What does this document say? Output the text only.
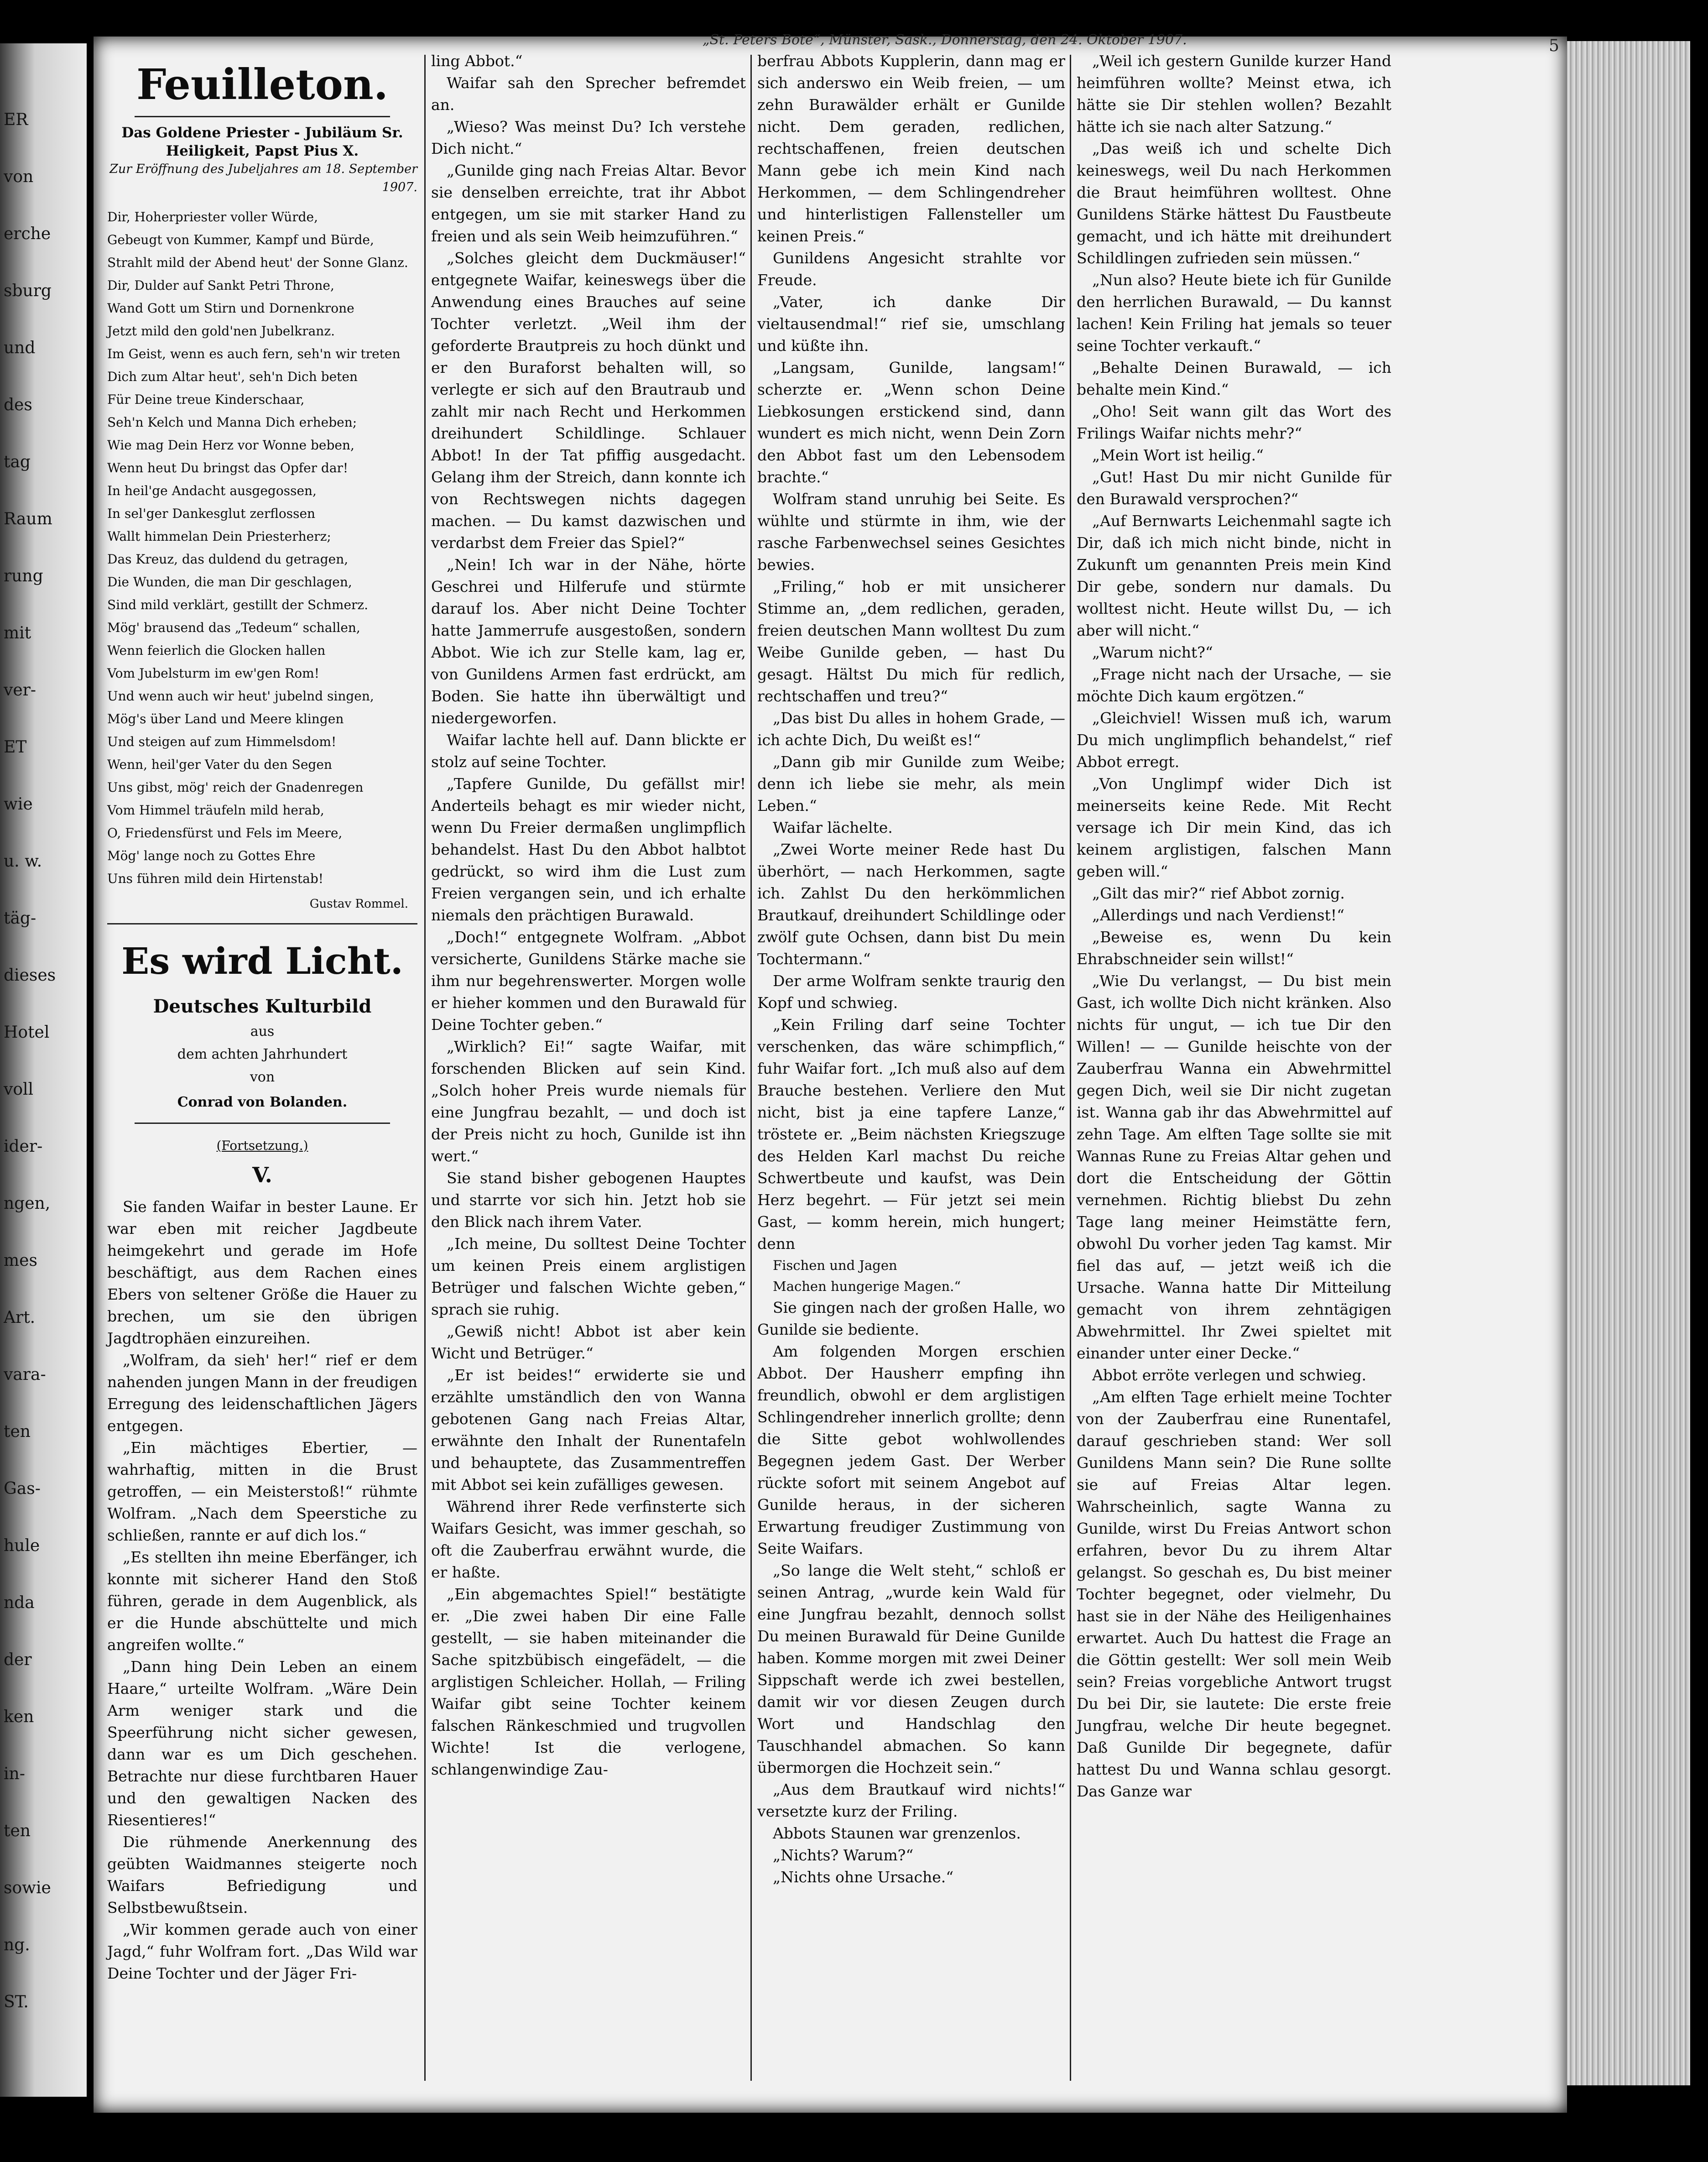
ER
von
erche
sburg
und
des
tag
Raum
rung
mit
ver-
ET
wie
u. w.
täg-
dieses
Hotel
voll
ider-
ngen,
mes
Art.
vara-
ten
Gas-
hule
nda
der
ken
in-
ten
sowie
ng.
ST.
„St. Peters Bote“, Münster, Sask., Donnerstag, den 24. Oktober 1907.	5
Feuilleton.
Das Goldene Priester - Jubiläum Sr. Heiligkeit, Papst Pius X.
Zur Eröffnung des Jubeljahres am 18. September 1907.

Dir, Hoherpriester voller Würde,

Gebeugt von Kummer, Kampf und Bürde,

Strahlt mild der Abend heut' der Sonne Glanz.

Dir, Dulder auf Sankt Petri Throne,

Wand Gott um Stirn und Dornenkrone

Jetzt mild den gold'nen Jubelkranz.

Im Geist, wenn es auch fern, seh'n wir treten

Dich zum Altar heut', seh'n Dich beten

Für Deine treue Kinderschaar,

Seh'n Kelch und Manna Dich erheben;

Wie mag Dein Herz vor Wonne beben,

Wenn heut Du bringst das Opfer dar!

In heil'ge Andacht ausgegossen,

In sel'ger Dankesglut zerflossen

Wallt himmelan Dein Priesterherz;

Das Kreuz, das duldend du getragen,

Die Wunden, die man Dir geschlagen,

Sind mild verklärt, gestillt der Schmerz.

Mög' brausend das „Tedeum“ schallen,

Wenn feierlich die Glocken hallen

Vom Jubelsturm im ew'gen Rom!

Und wenn auch wir heut' jubelnd singen,

Mög's über Land und Meere klingen

Und steigen auf zum Himmelsdom!

Wenn, heil'ger Vater du den Segen

Uns gibst, mög' reich der Gnadenregen

Vom Himmel träufeln mild herab,

O, Friedensfürst und Fels im Meere,

Mög' lange noch zu Gottes Ehre

Uns führen mild dein Hirtenstab!

Gustav Rommel.
Es wird Licht.
Deutsches Kulturbild
aus
dem achten Jahrhundert
von
Conrad von Bolanden.
(Fortsetzung.)
V.

Sie fanden Waifar in bester Laune. Er war eben mit reicher Jagdbeute heimgekehrt und gerade im Hofe beschäftigt, aus dem Rachen eines Ebers von seltener Größe die Hauer zu brechen, um sie den übrigen Jagdtrophäen einzureihen.

„Wolfram, da sieh' her!“ rief er dem nahenden jungen Mann in der freudigen Erregung des leidenschaftlichen Jägers entgegen.

„Ein mächtiges Ebertier, — wahrhaftig, mitten in die Brust getroffen, — ein Meisterstoß!“ rühmte Wolfram. „Nach dem Speerstiche zu schließen, rannte er auf dich los.“

„Es stellten ihn meine Eberfänger, ich konnte mit sicherer Hand den Stoß führen, gerade in dem Augenblick, als er die Hunde abschüttelte und mich angreifen wollte.“

„Dann hing Dein Leben an einem Haare,“ urteilte Wolfram. „Wäre Dein Arm weniger stark und die Speerführung nicht sicher gewesen, dann war es um Dich geschehen. Betrachte nur diese furchtbaren Hauer und den gewaltigen Nacken des Riesentieres!“

Die rühmende Anerkennung des geübten Waidmannes steigerte noch Waifars Befriedigung und Selbstbewußtsein.

„Wir kommen gerade auch von einer Jagd,“ fuhr Wolfram fort. „Das Wild war Deine Tochter und der Jäger Fri-

ling Abbot.“

Waifar sah den Sprecher befremdet an.

„Wieso? Was meinst Du? Ich verstehe Dich nicht.“

„Gunilde ging nach Freias Altar. Bevor sie denselben erreichte, trat ihr Abbot entgegen, um sie mit starker Hand zu freien und als sein Weib heimzuführen.“

„Solches gleicht dem Duckmäuser!“ entgegnete Waifar, keineswegs über die Anwendung eines Brauches auf seine Tochter verletzt. „Weil ihm der geforderte Brautpreis zu hoch dünkt und er den Buraforst behalten will, so verlegte er sich auf den Brautraub und zahlt mir nach Recht und Herkommen dreihundert Schildlinge. Schlauer Abbot! In der Tat pfiffig ausgedacht. Gelang ihm der Streich, dann konnte ich von Rechtswegen nichts dagegen machen. — Du kamst dazwischen und verdarbst dem Freier das Spiel?“

„Nein! Ich war in der Nähe, hörte Geschrei und Hilferufe und stürmte darauf los. Aber nicht Deine Tochter hatte Jammerrufe ausgestoßen, sondern Abbot. Wie ich zur Stelle kam, lag er, von Gunildens Armen fast erdrückt, am Boden. Sie hatte ihn überwältigt und niedergeworfen.

Waifar lachte hell auf. Dann blickte er stolz auf seine Tochter.

„Tapfere Gunilde, Du gefällst mir! Anderteils behagt es mir wieder nicht, wenn Du Freier dermaßen unglimpflich behandelst. Hast Du den Abbot halbtot gedrückt, so wird ihm die Lust zum Freien vergangen sein, und ich erhalte niemals den prächtigen Burawald.

„Doch!“ entgegnete Wolfram. „Abbot versicherte, Gunildens Stärke mache sie ihm nur begehrenswerter. Morgen wolle er hieher kommen und den Burawald für Deine Tochter geben.“

„Wirklich? Ei!“ sagte Waifar, mit forschenden Blicken auf sein Kind. „Solch hoher Preis wurde niemals für eine Jungfrau bezahlt, — und doch ist der Preis nicht zu hoch, Gunilde ist ihn wert.“

Sie stand bisher gebogenen Hauptes und starrte vor sich hin. Jetzt hob sie den Blick nach ihrem Vater.

„Ich meine, Du solltest Deine Tochter um keinen Preis einem arglistigen Betrüger und falschen Wichte geben,“ sprach sie ruhig.

„Gewiß nicht! Abbot ist aber kein Wicht und Betrüger.“

„Er ist beides!“ erwiderte sie und erzählte umständlich den von Wanna gebotenen Gang nach Freias Altar, erwähnte den Inhalt der Runentafeln und behauptete, das Zusammentreffen mit Abbot sei kein zufälliges gewesen.

Während ihrer Rede verfinsterte sich Waifars Gesicht, was immer geschah, so oft die Zauberfrau erwähnt wurde, die er haßte.

„Ein abgemachtes Spiel!“ bestätigte er. „Die zwei haben Dir eine Falle gestellt, — sie haben miteinander die Sache spitzbübisch eingefädelt, — die arglistigen Schleicher. Hollah, — Friling Waifar gibt seine Tochter keinem falschen Ränkeschmied und trugvollen Wichte! Ist die verlogene, schlangenwindige Zau-

berfrau Abbots Kupplerin, dann mag er sich anderswo ein Weib freien, — um zehn Burawälder erhält er Gunilde nicht. Dem geraden, redlichen, rechtschaffenen, freien deutschen Mann gebe ich mein Kind nach Herkommen, — dem Schlingendreher und hinterlistigen Fallensteller um keinen Preis.“

Gunildens Angesicht strahlte vor Freude.

„Vater, ich danke Dir vieltausendmal!“ rief sie, umschlang und küßte ihn.

„Langsam, Gunilde, langsam!“ scherzte er. „Wenn schon Deine Liebkosungen erstickend sind, dann wundert es mich nicht, wenn Dein Zorn den Abbot fast um den Lebensodem brachte.“

Wolfram stand unruhig bei Seite. Es wühlte und stürmte in ihm, wie der rasche Farbenwechsel seines Gesichtes bewies.

„Friling,“ hob er mit unsicherer Stimme an, „dem redlichen, geraden, freien deutschen Mann wolltest Du zum Weibe Gunilde geben, — hast Du gesagt. Hältst Du mich für redlich, rechtschaffen und treu?“

„Das bist Du alles in hohem Grade, — ich achte Dich, Du weißt es!“

„Dann gib mir Gunilde zum Weibe; denn ich liebe sie mehr, als mein Leben.“

Waifar lächelte.

„Zwei Worte meiner Rede hast Du überhört, — nach Herkommen, sagte ich. Zahlst Du den herkömmlichen Brautkauf, dreihundert Schildlinge oder zwölf gute Ochsen, dann bist Du mein Tochtermann.“

Der arme Wolfram senkte traurig den Kopf und schwieg.

„Kein Friling darf seine Tochter verschenken, das wäre schimpflich,“ fuhr Waifar fort. „Ich muß also auf dem Brauche bestehen. Verliere den Mut nicht, bist ja eine tapfere Lanze,“ tröstete er. „Beim nächsten Kriegszuge des Helden Karl machst Du reiche Schwertbeute und kaufst, was Dein Herz begehrt. — Für jetzt sei mein Gast, — komm herein, mich hungert; denn

Fischen und Jagen

Machen hungerige Magen.“

Sie gingen nach der großen Halle, wo Gunilde sie bediente.

Am folgenden Morgen erschien Abbot. Der Hausherr empfing ihn freundlich, obwohl er dem arglistigen Schlingendreher innerlich grollte; denn die Sitte gebot wohlwollendes Begegnen jedem Gast. Der Werber rückte sofort mit seinem Angebot auf Gunilde heraus, in der sicheren Erwartung freudiger Zustimmung von Seite Waifars.

„So lange die Welt steht,“ schloß er seinen Antrag, „wurde kein Wald für eine Jungfrau bezahlt, dennoch sollst Du meinen Burawald für Deine Gunilde haben. Komme morgen mit zwei Deiner Sippschaft werde ich zwei bestellen, damit wir vor diesen Zeugen durch Wort und Handschlag den Tauschhandel abmachen. So kann übermorgen die Hochzeit sein.“

„Aus dem Brautkauf wird nichts!“ versetzte kurz der Friling.

Abbots Staunen war grenzenlos.

„Nichts? Warum?“

„Nichts ohne Ursache.“

„Weil ich gestern Gunilde kurzer Hand heimführen wollte? Meinst etwa, ich hätte sie Dir stehlen wollen? Bezahlt hätte ich sie nach alter Satzung.“

„Das weiß ich und schelte Dich keineswegs, weil Du nach Herkommen die Braut heimführen wolltest. Ohne Gunildens Stärke hättest Du Faustbeute gemacht, und ich hätte mit dreihundert Schildlingen zufrieden sein müssen.“

„Nun also? Heute biete ich für Gunilde den herrlichen Burawald, — Du kannst lachen! Kein Friling hat jemals so teuer seine Tochter verkauft.“

„Behalte Deinen Burawald, — ich behalte mein Kind.“

„Oho! Seit wann gilt das Wort des Frilings Waifar nichts mehr?“

„Mein Wort ist heilig.“

„Gut! Hast Du mir nicht Gunilde für den Burawald versprochen?“

„Auf Bernwarts Leichenmahl sagte ich Dir, daß ich mich nicht binde, nicht in Zukunft um genannten Preis mein Kind Dir gebe, sondern nur damals. Du wolltest nicht. Heute willst Du, — ich aber will nicht.“

„Warum nicht?“

„Frage nicht nach der Ursache, — sie möchte Dich kaum ergötzen.“

„Gleichviel! Wissen muß ich, warum Du mich unglimpflich behandelst,“ rief Abbot erregt.

„Von Unglimpf wider Dich ist meinerseits keine Rede. Mit Recht versage ich Dir mein Kind, das ich keinem arglistigen, falschen Mann geben will.“

„Gilt das mir?“ rief Abbot zornig.

„Allerdings und nach Verdienst!“

„Beweise es, wenn Du kein Ehrabschneider sein willst!“

„Wie Du verlangst, — Du bist mein Gast, ich wollte Dich nicht kränken. Also nichts für ungut, — ich tue Dir den Willen! — — Gunilde heischte von der Zauberfrau Wanna ein Abwehrmittel gegen Dich, weil sie Dir nicht zugetan ist. Wanna gab ihr das Abwehrmittel auf zehn Tage. Am elften Tage sollte sie mit Wannas Rune zu Freias Altar gehen und dort die Entscheidung der Göttin vernehmen. Richtig bliebst Du zehn Tage lang meiner Heimstätte fern, obwohl Du vorher jeden Tag kamst. Mir fiel das auf, — jetzt weiß ich die Ursache. Wanna hatte Dir Mitteilung gemacht von ihrem zehntägigen Abwehrmittel. Ihr Zwei spieltet mit einander unter einer Decke.“

Abbot erröte verlegen und schwieg.

„Am elften Tage erhielt meine Tochter von der Zauberfrau eine Runentafel, darauf geschrieben stand: Wer soll Gunildens Mann sein? Die Rune sollte sie auf Freias Altar legen. Wahrscheinlich, sagte Wanna zu Gunilde, wirst Du Freias Antwort schon erfahren, bevor Du zu ihrem Altar gelangst. So geschah es, Du bist meiner Tochter begegnet, oder vielmehr, Du hast sie in der Nähe des Heiligenhaines erwartet. Auch Du hattest die Frage an die Göttin gestellt: Wer soll mein Weib sein? Freias vorgebliche Antwort trugst Du bei Dir, sie lautete: Die erste freie Jungfrau, welche Dir heute begegnet. Daß Gunilde Dir begegnete, dafür hattest Du und Wanna schlau gesorgt. Das Ganze war
